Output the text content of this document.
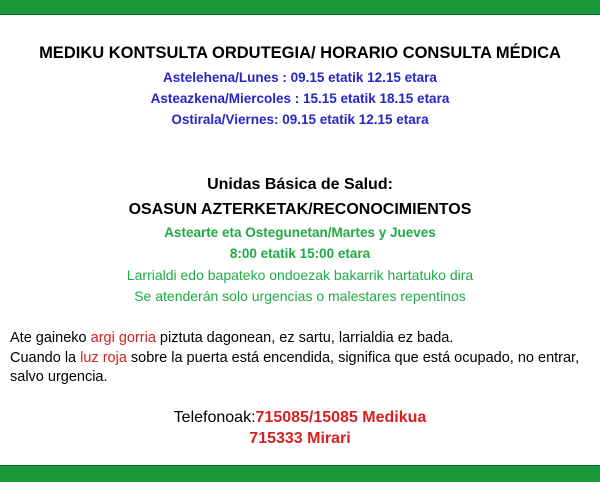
MEDIKU KONTSULTA ORDUTEGIA/ HORARIO CONSULTA MÉDICA
Astelehena/Lunes : 09.15 etatik 12.15 etara
Asteazkena/Miercoles : 15.15 etatik 18.15 etara
Ostirala/Viernes: 09.15 etatik 12.15 etara
Unidas Básica de Salud:
OSASUN AZTERKETAK/RECONOCIMIENTOS
Astearte eta Ostegunetan/Martes y Jueves
8:00 etatik 15:00 etara
Larrialdi edo bapateko ondoezak bakarrik hartatuko dira
Se atenderán solo urgencias o malestares repentinos
Ate gaineko argi gorria piztuta dagonean, ez sartu, larrialdia ez bada.
Cuando la luz roja sobre la puerta está encendida, significa que está ocupado, no entrar, salvo urgencia.
Telefonoak:715085/15085 Medikua
715333 Mirari
